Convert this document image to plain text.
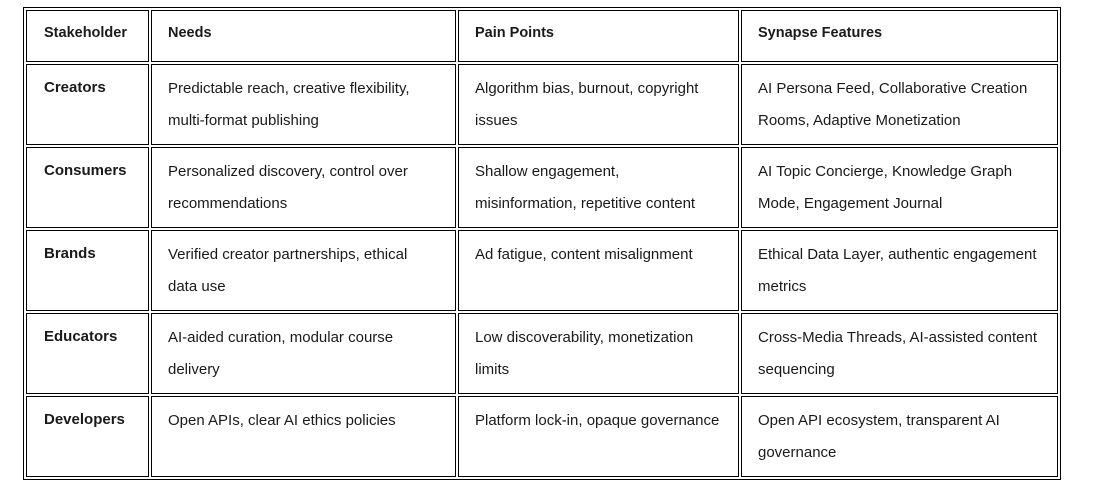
Stakeholder	Needs	Pain Points	Synapse Features
Creators	Predictable reach, creative flexibility, multi-format publishing	Algorithm bias, burnout, copyright issues	AI Persona Feed, Collaborative Creation Rooms, Adaptive Monetization
Consumers	Personalized discovery, control over recommendations	Shallow engagement, misinformation, repetitive content	AI Topic Concierge, Knowledge Graph Mode, Engagement Journal
Brands	Verified creator partnerships, ethical data use	Ad fatigue, content misalignment	Ethical Data Layer, authentic engagement metrics
Educators	AI-aided curation, modular course delivery	Low discoverability, monetization limits	Cross-Media Threads, AI-assisted content sequencing
Developers	Open APIs, clear AI ethics policies	Platform lock-in, opaque governance	Open API ecosystem, transparent AI governance
